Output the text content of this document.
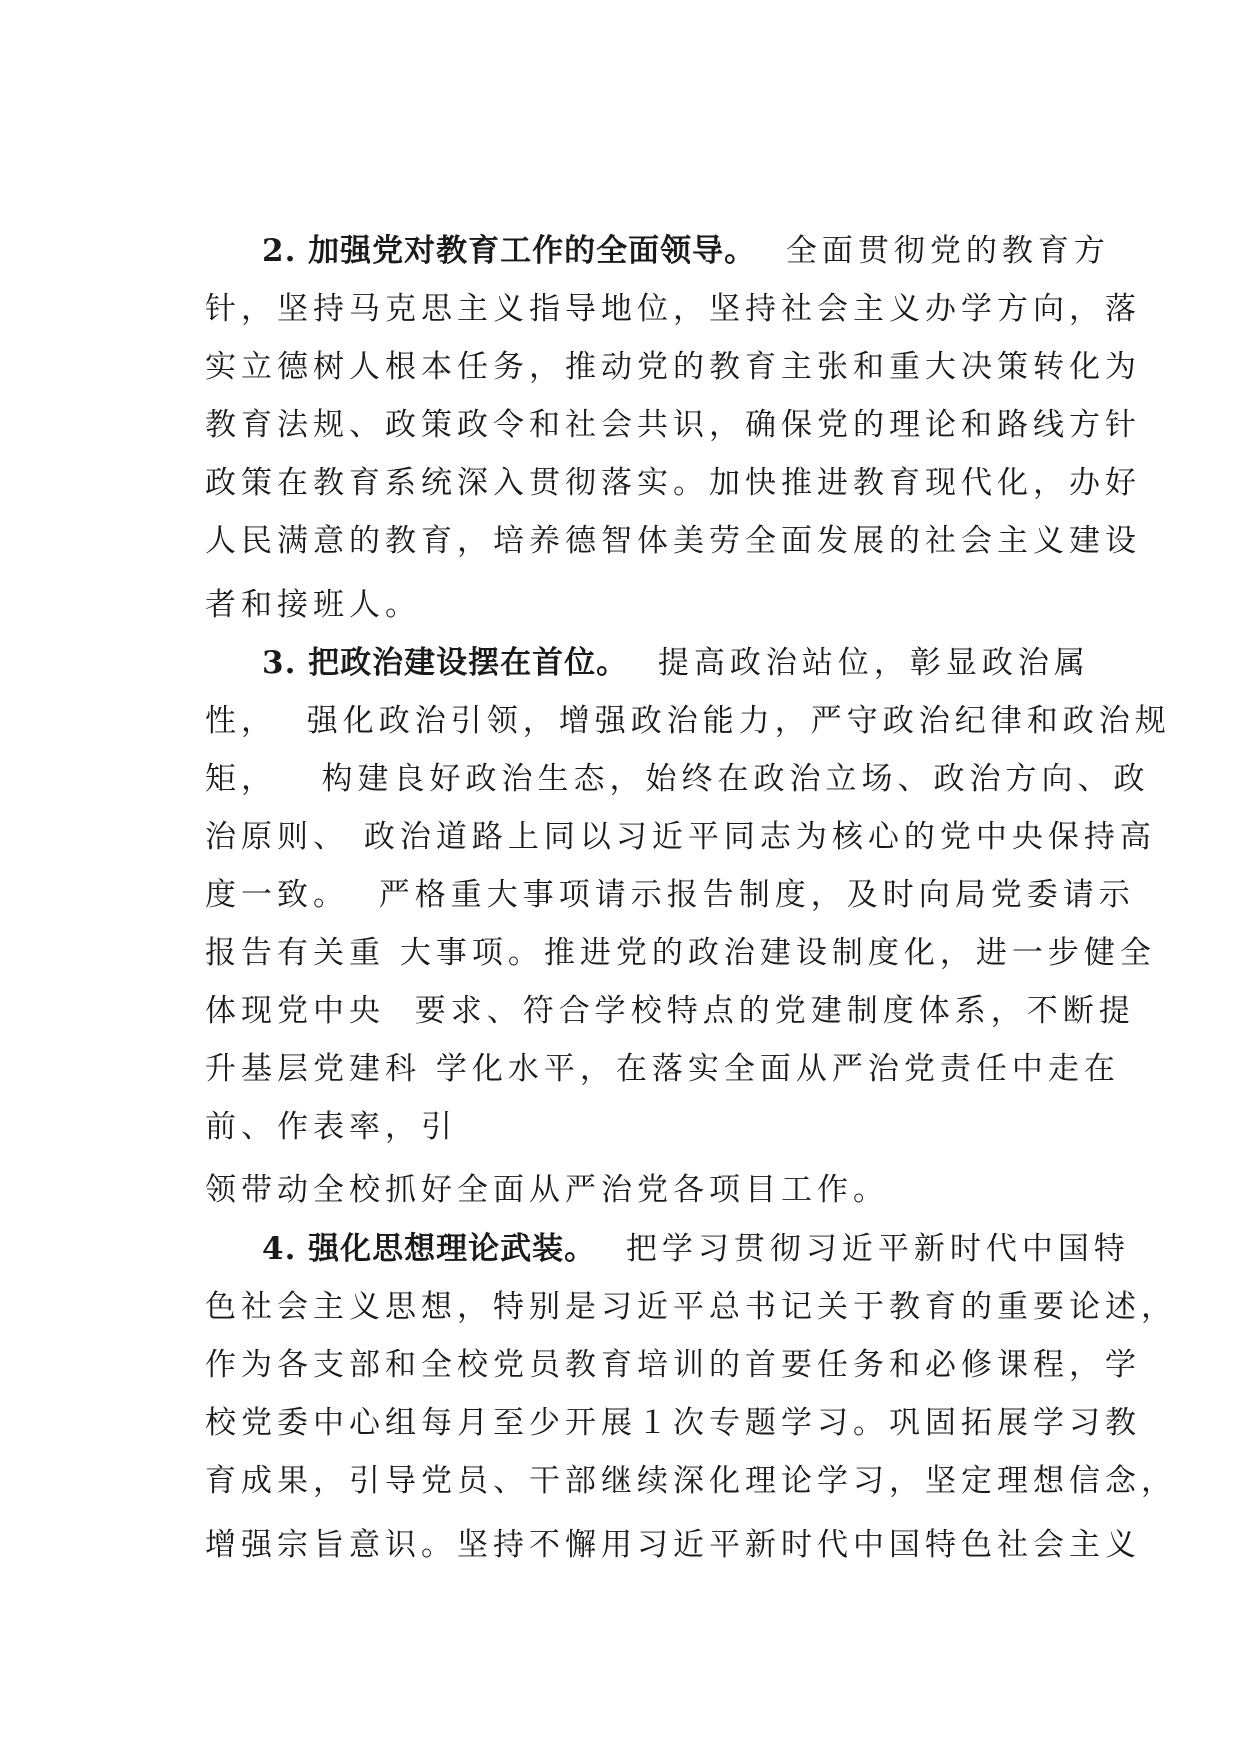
2. 加强党对教育工作的全面领导。  全面贯彻党的教育方
针，坚持马克思主义指导地位，坚持社会主义办学方向，落
实立德树人根本任务，推动党的教育主张和重大决策转化为
教育法规、政策政令和社会共识，确保党的理论和路线方针
政策在教育系统深入贯彻落实。加快推进教育现代化，办好
人民满意的教育，培养德智体美劳全面发展的社会主义建设
者和接班人。
3. 把政治建设摆在首位。  提高政治站位，彰显政治属
性，  强化政治引领，增强政治能力，严守政治纪律和政治规
矩，   构建良好政治生态，始终在政治立场、政治方向、政
治原则、 政治道路上同以习近平同志为核心的党中央保持高
度一致。  严格重大事项请示报告制度，及时向局党委请示
报告有关重 大事项。推进党的政治建设制度化，进一步健全
体现党中央  要求、符合学校特点的党建制度体系，不断提
升基层党建科 学化水平，在落实全面从严治党责任中走在
前、作表率，引
领带动全校抓好全面从严治党各项目工作。
4. 强化思想理论武装。  把学习贯彻习近平新时代中国特
色社会主义思想，特别是习近平总书记关于教育的重要论述，
作为各支部和全校党员教育培训的首要任务和必修课程，学
校党委中心组每月至少开展１次专题学习。巩固拓展学习教
育成果，引导党员、干部继续深化理论学习，坚定理想信念，
增强宗旨意识。坚持不懈用习近平新时代中国特色社会主义
